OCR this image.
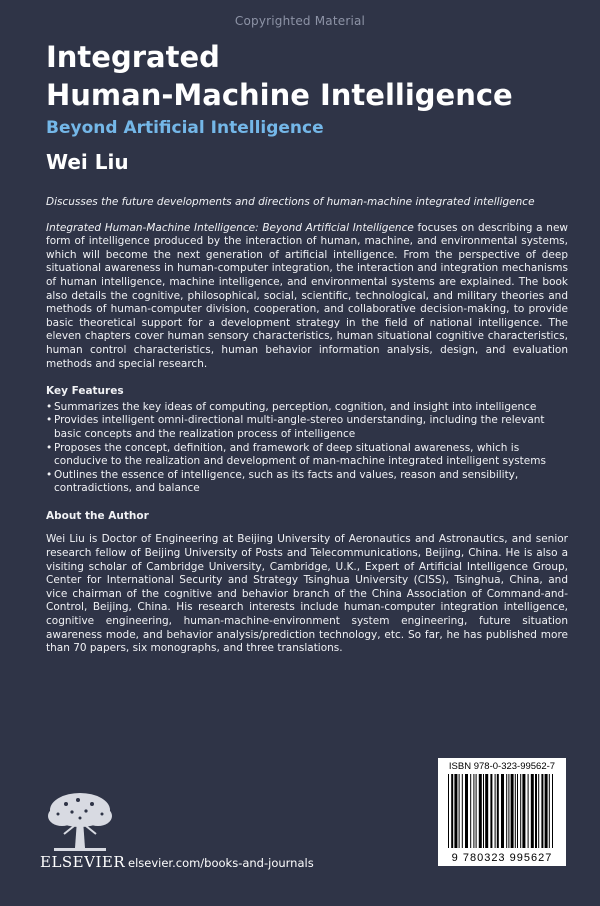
Copyrighted Material
Integrated
Human-Machine Intelligence
Beyond Artificial Intelligence
Wei Liu

Discusses the future developments and directions of human-machine integrated intelligence

Integrated Human-Machine Intelligence: Beyond Artificial Intelligence focuses on describing a new form of intelligence produced by the interaction of human, machine, and environmental systems, which will become the next generation of artificial intelligence. From the perspective of deep situational awareness in human-computer integration, the interaction and integration mechanisms of human intelligence, machine intelligence, and environmental systems are explained. The book also details the cognitive, philosophical, social, scientific, technological, and military theories and methods of human-computer division, cooperation, and collaborative decision-making, to provide basic theoretical support for a development strategy in the field of national intelligence. The eleven chapters cover human sensory characteristics, human situational cognitive characteristics, human control characteristics, human behavior information analysis, design, and evaluation methods and special research.

Key Features
• Summarizes the key ideas of computing, perception, cognition, and insight into intelligence
• Provides intelligent omni-directional multi-angle-stereo understanding, including the relevant basic concepts and the realization process of intelligence
• Proposes the concept, definition, and framework of deep situational awareness, which is conducive to the realization and development of man-machine integrated intelligent systems
• Outlines the essence of intelligence, such as its facts and values, reason and sensibility, contradictions, and balance
About the Author

Wei Liu is Doctor of Engineering at Beijing University of Aeronautics and Astronautics, and senior research fellow of Beijing University of Posts and Telecommunications, Beijing, China. He is also a visiting scholar of Cambridge University, Cambridge, U.K., Expert of Artificial Intelligence Group, Center for International Security and Strategy Tsinghua University (CISS), Tsinghua, China, and vice chairman of the cognitive and behavior branch of the China Association of Command-and-Control, Beijing, China. His research interests include human-computer integration intelligence, cognitive engineering, human-machine-environment system engineering, future situation awareness mode, and behavior analysis/prediction technology, etc. So far, he has published more than 70 papers, six monographs, and three translations.

ELSEVIER elsevier.com/books-and-journals
ISBN 978-0-323-99562-7
9 780323 995627
